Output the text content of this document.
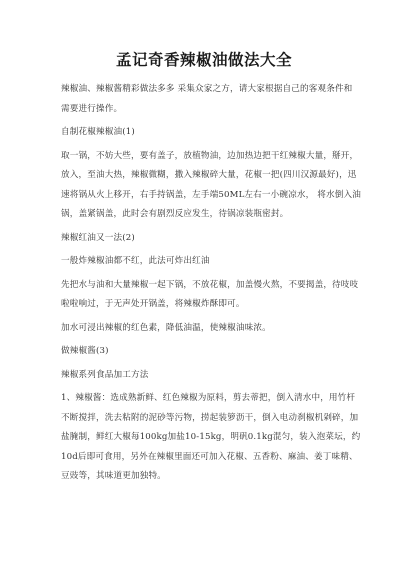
孟记奇香辣椒油做法大全

辣椒油、辣椒酱精彩做法多多 采集众家之方，请大家根据自己的客观条件和需要进行操作。

自制花椒辣椒油(1)

取一锅，不妨大些，要有盖子，放植物油，边加热边把干红辣椒大量，掰开，放入，至油大热，辣椒微糊，撒入辣椒碎大量，花椒一把(四川汉源最好)，迅速将锅从火上移开，右手持锅盖，左手端50ML左右一小碗凉水， 将水倒入油锅，盖紧锅盖，此时会有剧烈反应发生，待锅凉装瓶密封。

辣椒红油又一法(2)

一般炸辣椒油都不红，此法可炸出红油

先把水与油和大量辣椒一起下锅，不放花椒，加盖慢火熬，不要揭盖，待吱吱啦啦响过，于无声处开锅盖，将辣椒炸酥即可。

加水可浸出辣椒的红色素，降低油温，使辣椒油味浓。

做辣椒酱(3)

辣椒系列食品加工方法

1、辣椒酱：选成熟新鲜、红色辣椒为原料，剪去蒂把，倒入清水中，用竹杆不断搅拌，洗去粘附的泥砂等污物，捞起装箩沥干，倒入电动刹椒机剁碎，加盐腌制，鲜红大椒每100kg加盐10-15kg，明矾0.1kg混匀，装入泡菜坛，约10d后即可食用，另外在辣椒里面还可加入花椒、五香粉、麻油、姜丁味精、豆豉等，其味道更加独特。
